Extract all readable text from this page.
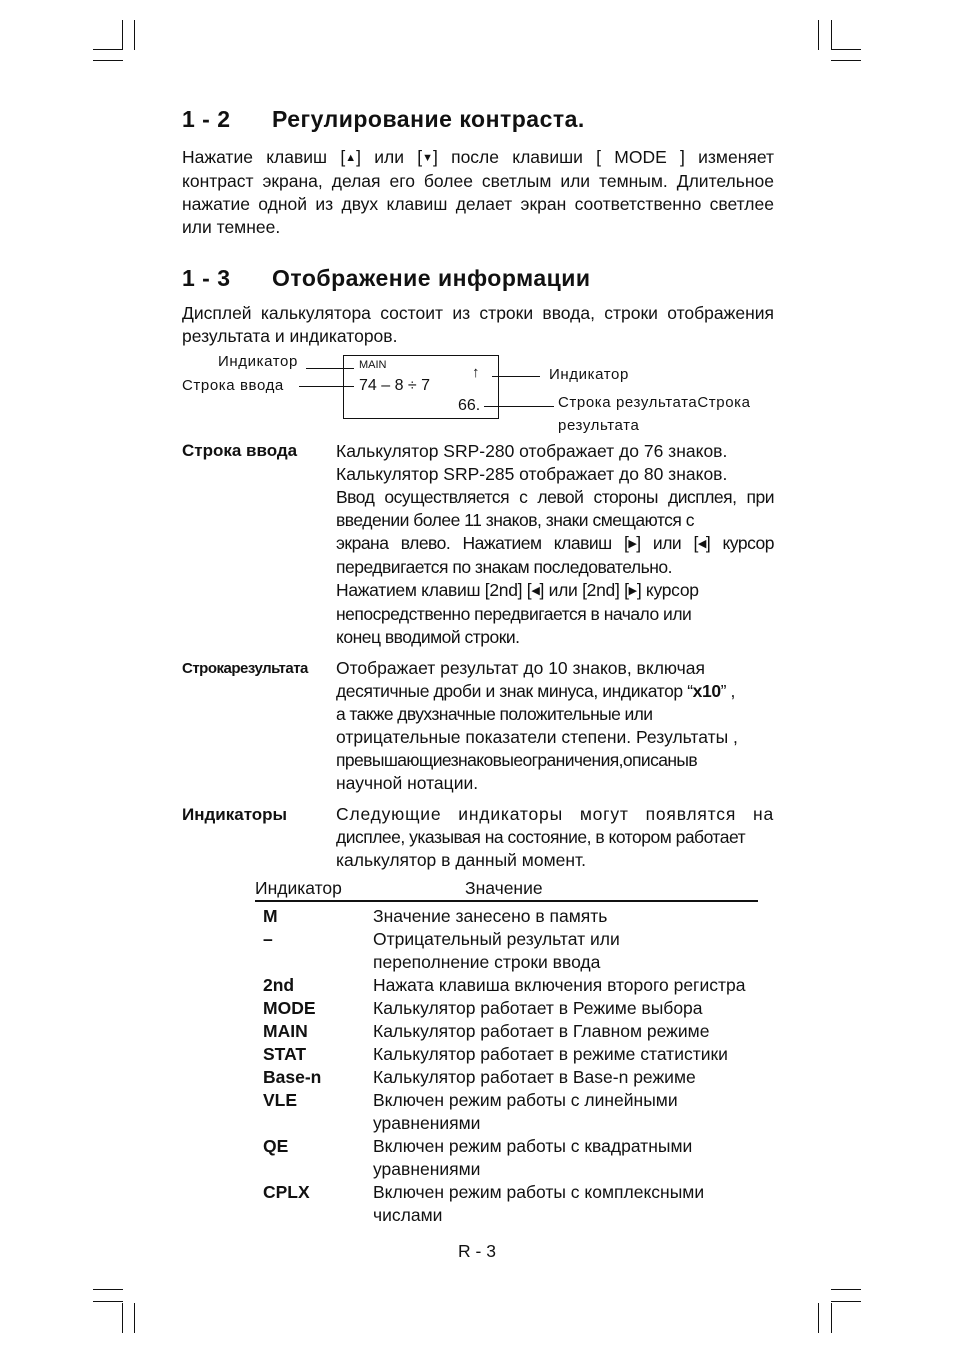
1 - 2 Регулирование контраста.
Нажатие клавиш [▲] или [▼] после клавиши [ MODE ] изменяет
контраст экрана, делая его более светлым или темным. Длительное
нажатие одной из двух клавиш делает экран соответственно светлее
или темнее.
1 - 3 Отображение информации
Дисплей калькулятора состоит из строки ввода, строки отображения
результата и индикаторов.
MAIN
74 – 8 ÷ 7
↑
66.
Индикатор
Строка ввода
Индикатор
Строка результатаСтрока
результата
Строка ввода Калькулятор SRP-280 отображает до 76 знаков.
Калькулятор SRP-285 отображает до 80 знаков.
Ввод осуществляется с левой стороны дисплея, при
введении более 11 знаков, знаки смещаются с
экрана влево. Нажатием клавиш [▶] или [◀] курсор
передвигается по знакам последовательно.
Нажатием клавиш [2nd] [◀] или [2nd] [▶] курсор
непосредственно передвигается в начало или
конец вводимой строки.
Строкарезультата Отображает результат до 10 знаков, включая
десятичные дроби и знак минуса, индикатор “x10” ,
а также двухзначные положительные или
отрицательные показатели степени. Результаты ,
превышающиезнаковыеограничения,описаныв
научной нотации.
Индикаторы	Следующие индикаторы могут появлятся на
дисплее, указывая на состояние, в котором работает
калькулятор в данный момент.
Индикатор	Значение
M	Значение занесено в память
–	Отрицательный результат или
переполнение строки ввода
2nd	Нажата клавиша включения второго регистра
MODE	Калькулятор работает в Режиме выбора
MAIN	Калькулятор работает в Главном режиме
STAT	Калькулятор работает в режиме статистики
Base-n	Калькулятор работает в Base-n режиме
VLE	Включен режим работы с линейными
уравнениями
QE	Включен режим работы с квадратными
уравнениями
CPLX	Включен режим работы с комплексными
числами
R - 3
